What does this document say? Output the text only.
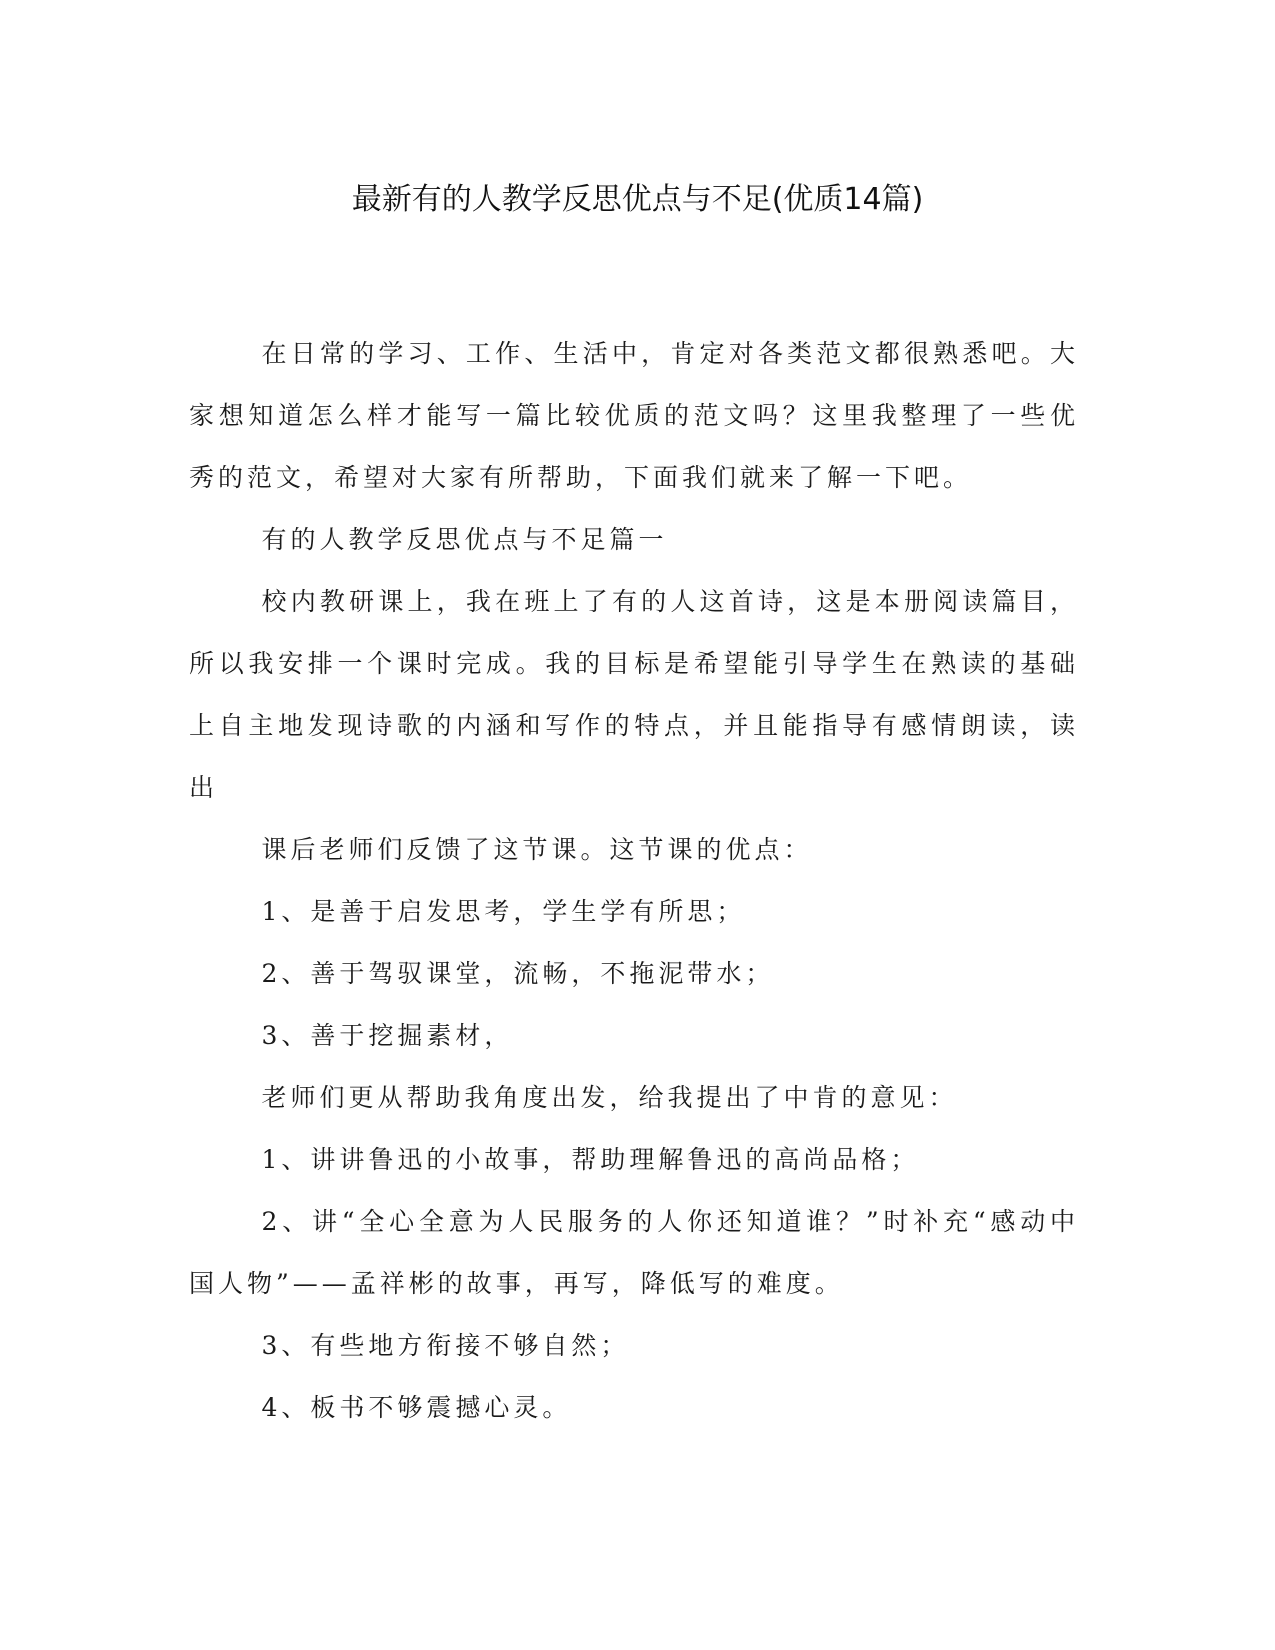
最新有的人教学反思优点与不足(优质14篇)

在日常的学习、工作、生活中，肯定对各类范文都很熟悉吧。大家想知道怎么样才能写一篇比较优质的范文吗？这里我整理了一些优秀的范文，希望对大家有所帮助，下面我们就来了解一下吧。

有的人教学反思优点与不足篇一

校内教研课上，我在班上了有的人这首诗，这是本册阅读篇目，所以我安排一个课时完成。我的目标是希望能引导学生在熟读的基础上自主地发现诗歌的内涵和写作的特点，并且能指导有感情朗读，读出

课后老师们反馈了这节课。这节课的优点：

1、是善于启发思考，学生学有所思；

2、善于驾驭课堂，流畅，不拖泥带水；

3、善于挖掘素材，

老师们更从帮助我角度出发，给我提出了中肯的意见：

1、讲讲鲁迅的小故事，帮助理解鲁迅的高尚品格；

2、讲“全心全意为人民服务的人你还知道谁？”时补充“感动中国人物”——孟祥彬的故事，再写，降低写的难度。

3、有些地方衔接不够自然；

4、板书不够震撼心灵。
